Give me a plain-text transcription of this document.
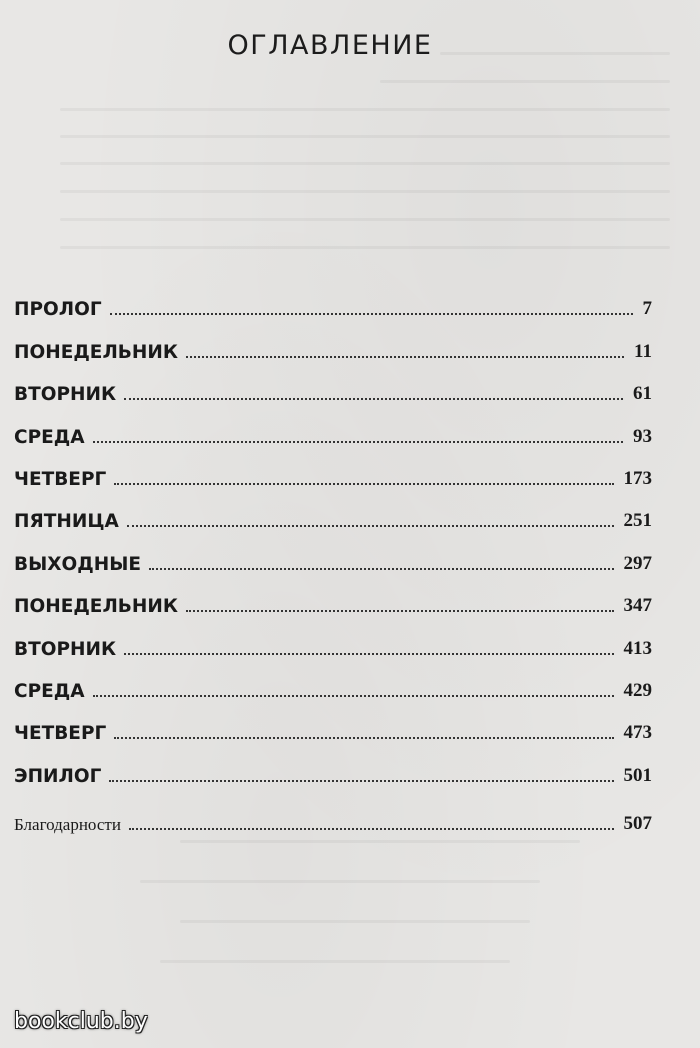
ОГЛАВЛЕНИЕ
ПРОЛОГ	7
ПОНЕДЕЛЬНИК	11
ВТОРНИК	61
СРЕДА	93
ЧЕТВЕРГ	173
ПЯТНИЦА	251
ВЫХОДНЫЕ	297
ПОНЕДЕЛЬНИК	347
ВТОРНИК	413
СРЕДА	429
ЧЕТВЕРГ	473
ЭПИЛОГ	501
Благодарности	507
bookclub.by
